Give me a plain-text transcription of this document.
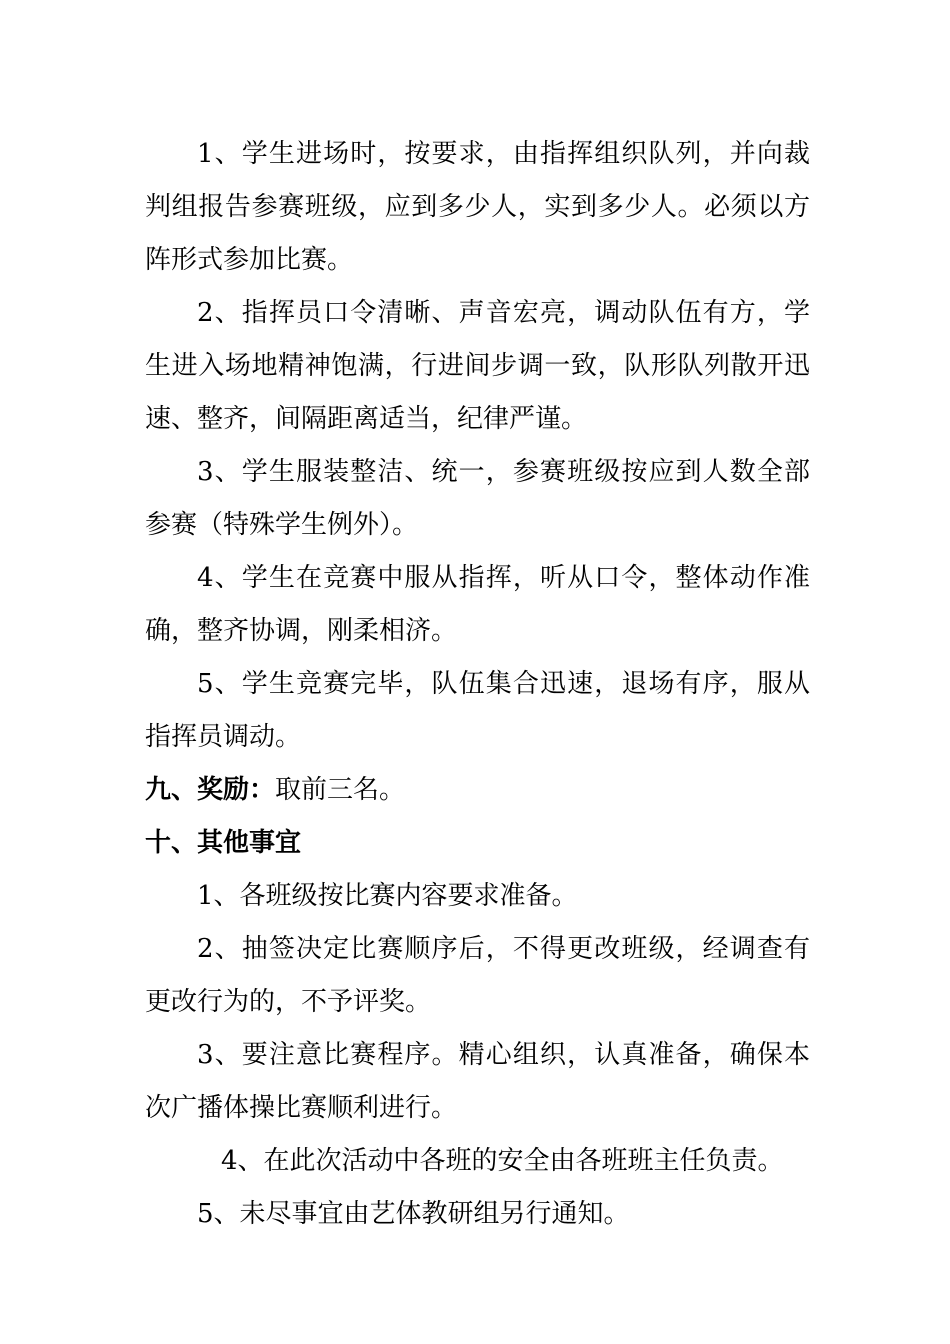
1、学生进场时，按要求，由指挥组织队列，并向裁判组报告参赛班级，应到多少人，实到多少人。必须以方阵形式参加比赛。

2、指挥员口令清晰、声音宏亮，调动队伍有方，学生进入场地精神饱满，行进间步调一致，队形队列散开迅速、整齐，间隔距离适当，纪律严谨。

3、学生服装整洁、统一，参赛班级按应到人数全部参赛（特殊学生例外）。

4、学生在竞赛中服从指挥，听从口令，整体动作准确，整齐协调，刚柔相济。

5、学生竞赛完毕，队伍集合迅速，退场有序，服从指挥员调动。

九、奖励：取前三名。

十、其他事宜

1、各班级按比赛内容要求准备。

2、抽签决定比赛顺序后，不得更改班级，经调查有更改行为的，不予评奖。

3、要注意比赛程序。精心组织，认真准备，确保本次广播体操比赛顺利进行。

4、在此次活动中各班的安全由各班班主任负责。

5、未尽事宜由艺体教研组另行通知。
